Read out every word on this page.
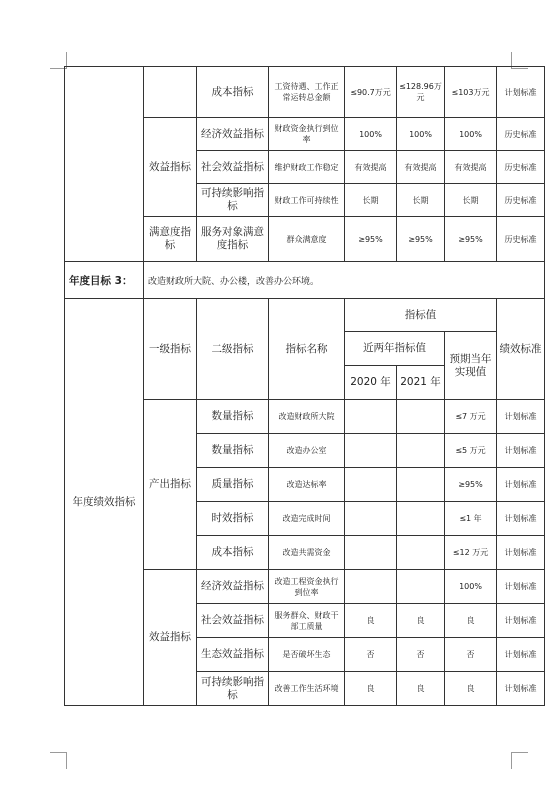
		成本指标	工资待遇、工作正常运转总金额	≤90.7万元	≤128.96万元	≤103万元	计划标准
	效益指标	经济效益指标	财政资金执行到位率	100%	100%	100%	历史标准
		社会效益指标	维护财政工作稳定	有效提高	有效提高	有效提高	历史标准
		可持续影响指标	财政工作可持续性	长期	长期	长期	历史标准
	满意度指标	服务对象满意度指标	群众满意度	≥95%	≥95%	≥95%	历史标准
年度目标 3：	改造财政所大院、办公楼，改善办公环境。						
年度绩效指标	一级指标	二级指标	指标名称	指标值			绩效标准
				近两年指标值		预期当年实现值	
				2020 年	2021 年		
	产出指标	数量指标	改造财政所大院			≤7 万元	计划标准
		数量指标	改造办公室			≤5 万元	计划标准
		质量指标	改造达标率			≥95%	计划标准
		时效指标	改造完成时间			≤1 年	计划标准
		成本指标	改造共需资金			≤12 万元	计划标准
	效益指标	经济效益指标	改造工程资金执行到位率			100%	计划标准
		社会效益指标	服务群众、财政干部工质量	良	良	良	计划标准
		生态效益指标	是否破坏生态	否	否	否	计划标准
		可持续影响指标	改善工作生活环境	良	良	良	计划标准
